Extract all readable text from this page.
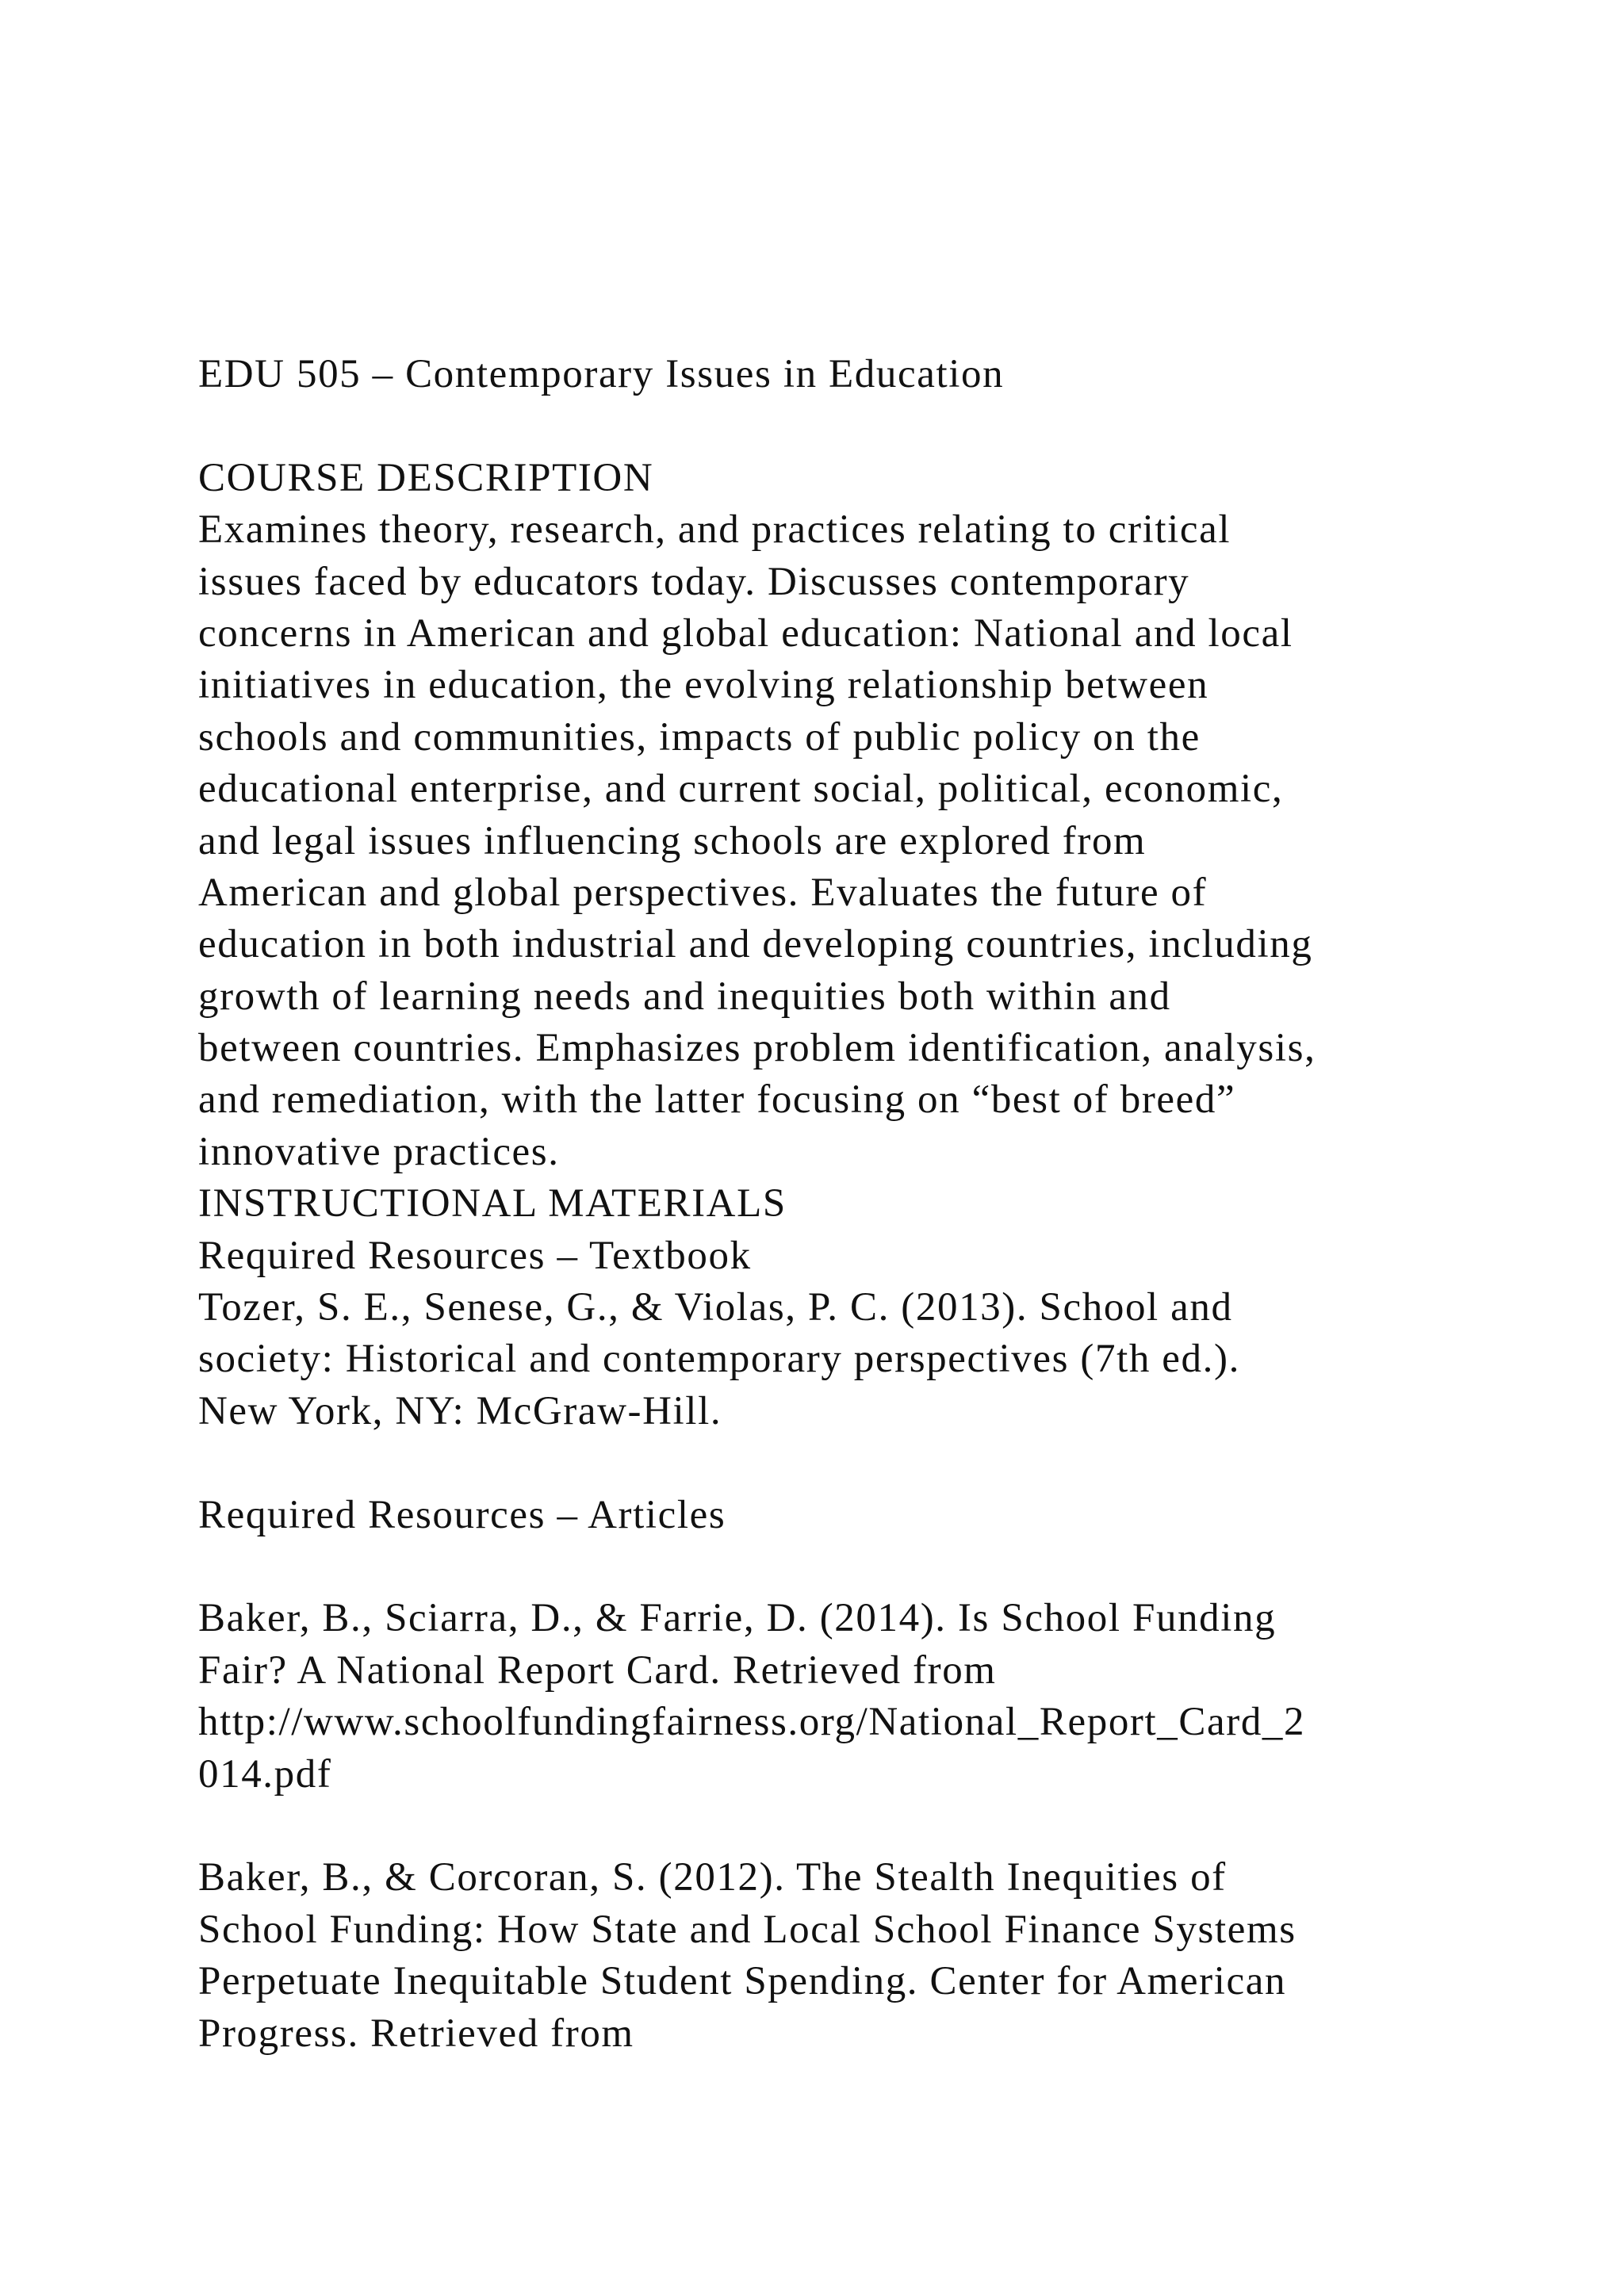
EDU 505 – Contemporary Issues in Education
COURSE DESCRIPTION
Examines theory, research, and practices relating to critical
issues faced by educators today. Discusses contemporary
concerns in American and global education: National and local
initiatives in education, the evolving relationship between
schools and communities, impacts of public policy on the
educational enterprise, and current social, political, economic,
and legal issues influencing schools are explored from
American and global perspectives. Evaluates the future of
education in both industrial and developing countries, including
growth of learning needs and inequities both within and
between countries. Emphasizes problem identification, analysis,
and remediation, with the latter focusing on “best of breed”
innovative practices.
INSTRUCTIONAL MATERIALS
Required Resources – Textbook
Tozer, S. E., Senese, G., & Violas, P. C. (2013). School and
society: Historical and contemporary perspectives (7th ed.).
New York, NY: McGraw-Hill.
Required Resources – Articles
Baker, B., Sciarra, D., & Farrie, D. (2014). Is School Funding
Fair? A National Report Card. Retrieved from
http://www.schoolfundingfairness.org/National_Report_Card_2
014.pdf
Baker, B., & Corcoran, S. (2012). The Stealth Inequities of
School Funding: How State and Local School Finance Systems
Perpetuate Inequitable Student Spending. Center for American
Progress. Retrieved from
